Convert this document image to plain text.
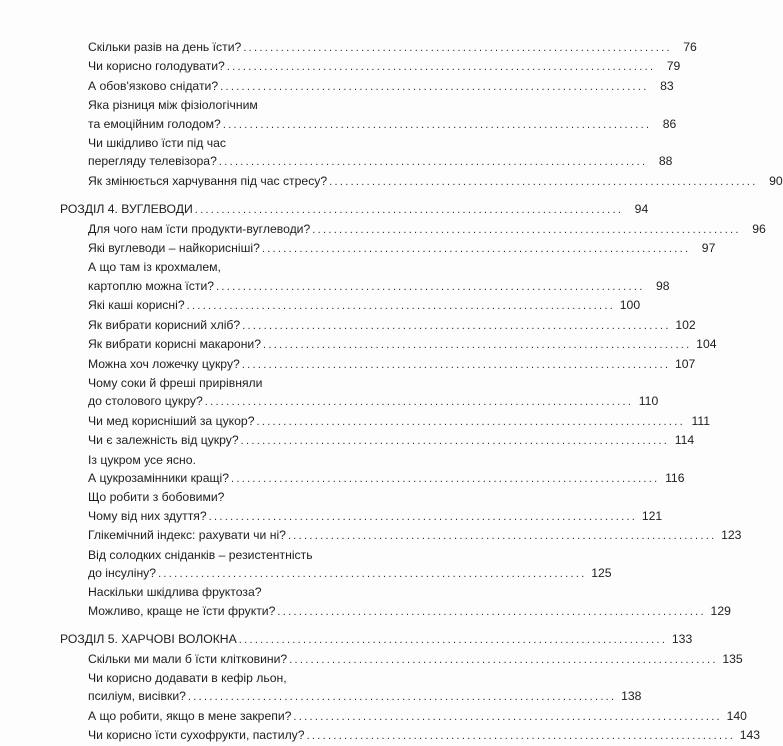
Скільки разів на день їсти? ................................................................................ 76
Чи корисно голодувати? ................................................................................ 79
А обов'язково снідати? ................................................................................ 83
Яка різниця між фізіологічним
та емоційним голодом? ................................................................................ 86
Чи шкідливо їсти під час
перегляду телевізора? ................................................................................ 88
Як змінюється харчування під час стресу? ................................................................................ 90
РОЗДІЛ 4. ВУГЛЕВОДИ ................................................................................ 94
Для чого нам їсти продукти-вуглеводи? ................................................................................ 96
Які вуглеводи – найкорисніші? ................................................................................ 97
А що там із крохмалем,
картоплю можна їсти? ................................................................................ 98
Які каші корисні? ................................................................................ 100
Як вибрати корисний хліб? ................................................................................ 102
Як вибрати корисні макарони? ................................................................................ 104
Можна хоч ложечку цукру? ................................................................................ 107
Чому соки й фреші прирівняли
до столового цукру? ................................................................................ 110
Чи мед корисніший за цукор? ................................................................................ 111
Чи є залежність від цукру? ................................................................................ 114
Із цукром усе ясно.
А цукрозамінники кращі? ................................................................................ 116
Що робити з бобовими?
Чому від них здуття? ................................................................................ 121
Глікемічний індекс: рахувати чи ні? ................................................................................ 123
Від солодких сніданків – резистентність
до інсуліну? ................................................................................ 125
Наскільки шкідлива фруктоза?
Можливо, краще не їсти фрукти? ................................................................................ 129
РОЗДІЛ 5. ХАРЧОВІ ВОЛОКНА ................................................................................ 133
Скільки ми мали б їсти клітковини? ................................................................................ 135
Чи корисно додавати в кефір льон,
псиліум, висівки? ................................................................................ 138
А що робити, якщо в мене закрепи? ................................................................................ 140
Чи корисно їсти сухофрукти, пастилу? ................................................................................ 143
